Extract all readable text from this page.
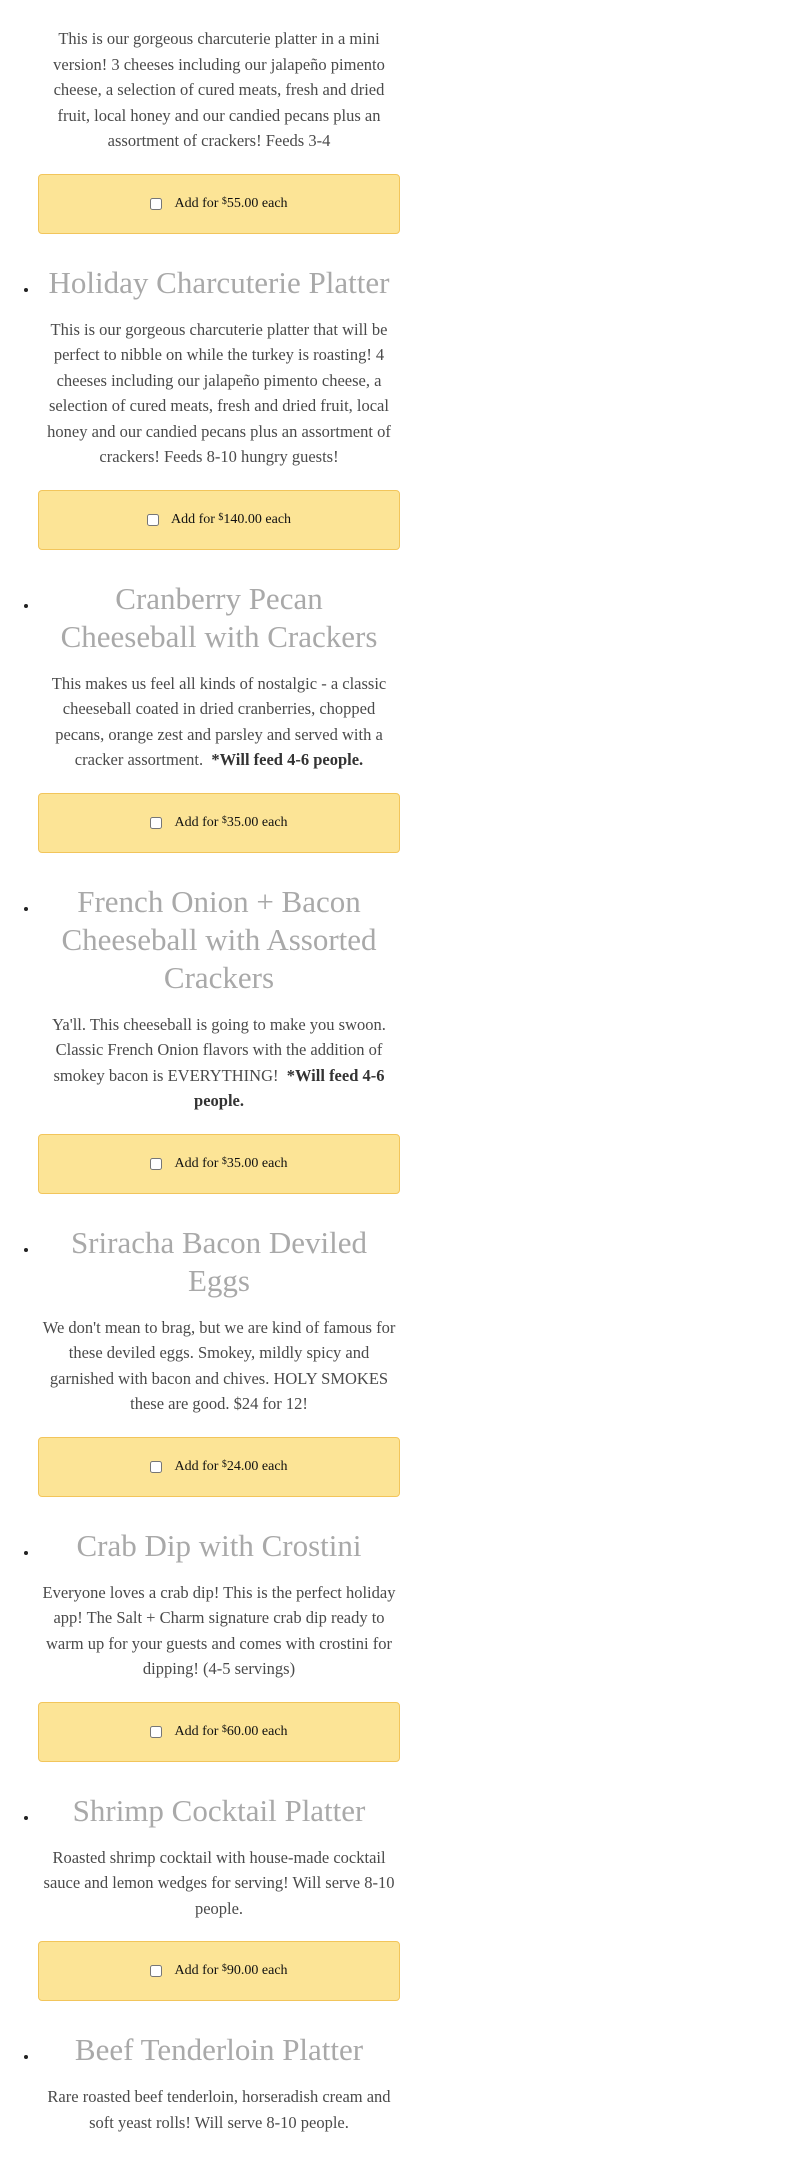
This is our gorgeous charcuterie platter in a mini version! 3 cheeses including our jalapeño pimento cheese, a selection of cured meats, fresh and dried fruit, local honey and our candied pecans plus an assortment of crackers! Feeds 3-4

Add for $55.00 each
• Holiday Charcuterie Platter

This is our gorgeous charcuterie platter that will be perfect to nibble on while the turkey is roasting! 4 cheeses including our jalapeño pimento cheese, a selection of cured meats, fresh and dried fruit, local honey and our candied pecans plus an assortment of crackers! Feeds 8-10 hungry guests!

Add for $140.00 each
• Cranberry Pecan Cheeseball with Crackers

This makes us feel all kinds of nostalgic - a classic cheeseball coated in dried cranberries, chopped pecans, orange zest and parsley and served with a cracker assortment. *Will feed 4-6 people.

Add for $35.00 each
• French Onion + Bacon Cheeseball with Assorted Crackers

Ya'll. This cheeseball is going to make you swoon. Classic French Onion flavors with the addition of smokey bacon is EVERYTHING! *Will feed 4-6 people.

Add for $35.00 each
• Sriracha Bacon Deviled Eggs

We don't mean to brag, but we are kind of famous for these deviled eggs. Smokey, mildly spicy and garnished with bacon and chives. HOLY SMOKES these are good. $24 for 12!

Add for $24.00 each
• Crab Dip with Crostini

Everyone loves a crab dip! This is the perfect holiday app! The Salt + Charm signature crab dip ready to warm up for your guests and comes with crostini for dipping! (4-5 servings)

Add for $60.00 each
• Shrimp Cocktail Platter

Roasted shrimp cocktail with house-made cocktail sauce and lemon wedges for serving! Will serve 8-10 people.

Add for $90.00 each
• Beef Tenderloin Platter

Rare roasted beef tenderloin, horseradish cream and soft yeast rolls! Will serve 8-10 people.
